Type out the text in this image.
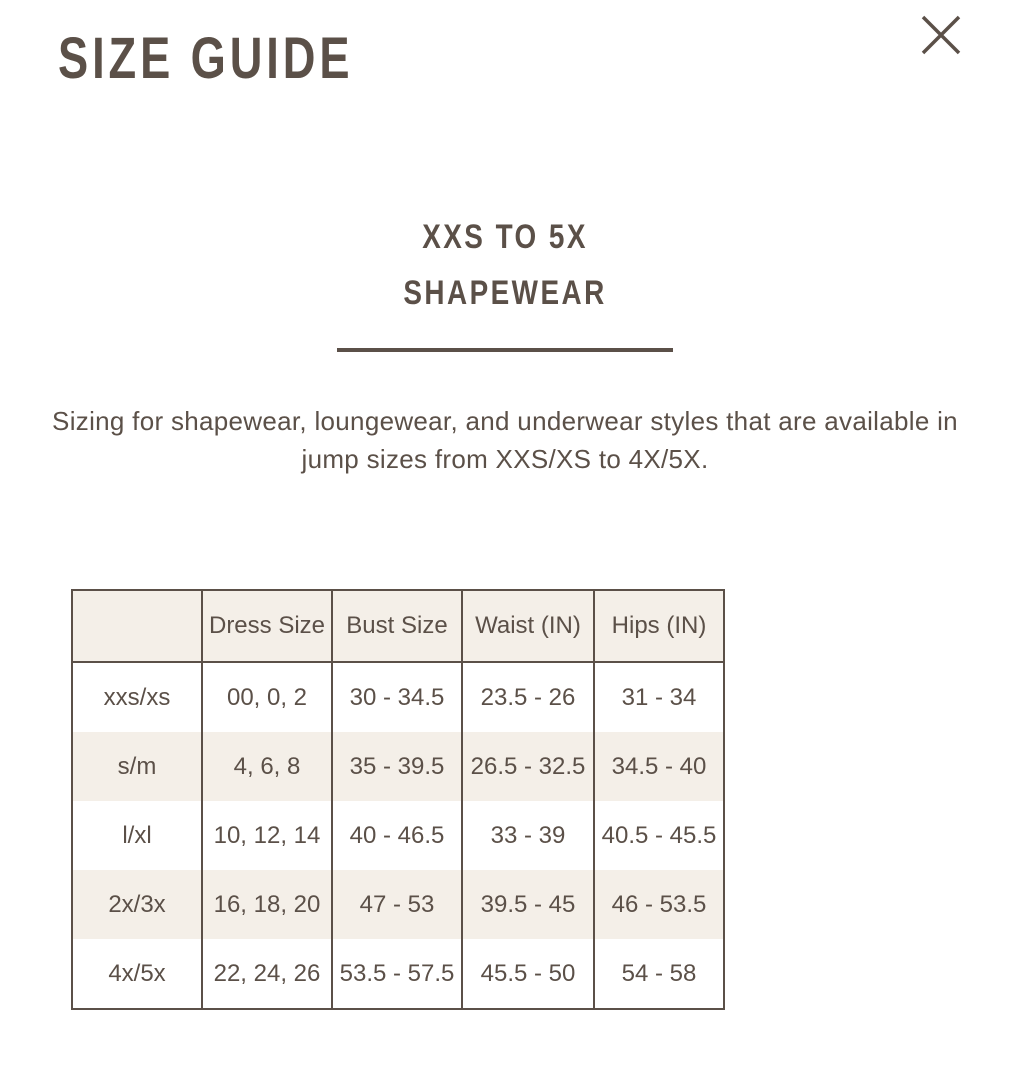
SIZE GUIDE
XXS TO 5X
SHAPEWEAR
Sizing for shapewear, loungewear, and underwear styles that are available in jump sizes from XXS/XS to 4X/5X.
	Dress Size	Bust Size	Waist (IN)	Hips (IN)
xxs/xs	00, 0, 2	30 - 34.5	23.5 - 26	31 - 34
s/m	4, 6, 8	35 - 39.5	26.5 - 32.5	34.5 - 40
l/xl	10, 12, 14	40 - 46.5	33 - 39	40.5 - 45.5
2x/3x	16, 18, 20	47 - 53	39.5 - 45	46 - 53.5
4x/5x	22, 24, 26	53.5 - 57.5	45.5 - 50	54 - 58
